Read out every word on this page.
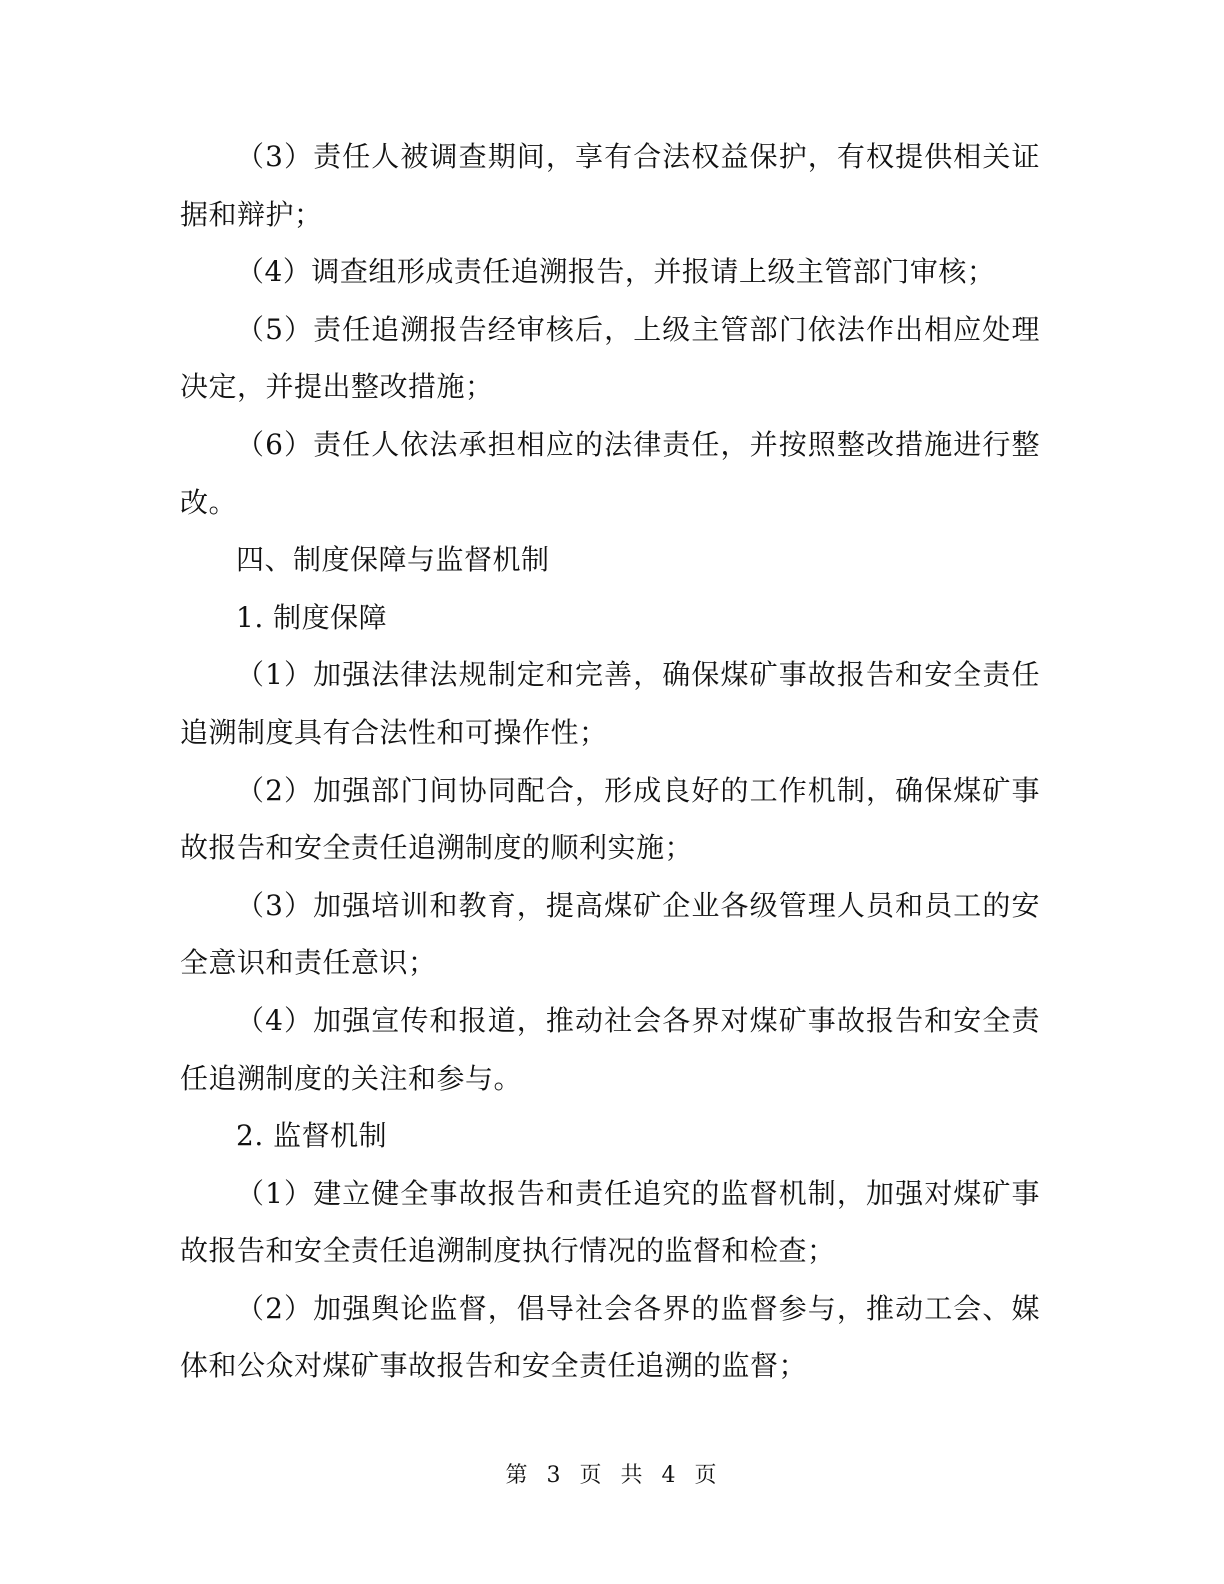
（3）责任人被调查期间，享有合法权益保护，有权提供相关证据和辩护；

（4）调查组形成责任追溯报告，并报请上级主管部门审核；

（5）责任追溯报告经审核后，上级主管部门依法作出相应处理决定，并提出整改措施；

（6）责任人依法承担相应的法律责任，并按照整改措施进行整改。

四、制度保障与监督机制

1. 制度保障

（1）加强法律法规制定和完善，确保煤矿事故报告和安全责任追溯制度具有合法性和可操作性；

（2）加强部门间协同配合，形成良好的工作机制，确保煤矿事故报告和安全责任追溯制度的顺利实施；

（3）加强培训和教育，提高煤矿企业各级管理人员和员工的安全意识和责任意识；

（4）加强宣传和报道，推动社会各界对煤矿事故报告和安全责任追溯制度的关注和参与。

2. 监督机制

（1）建立健全事故报告和责任追究的监督机制，加强对煤矿事故报告和安全责任追溯制度执行情况的监督和检查；

（2）加强舆论监督，倡导社会各界的监督参与，推动工会、媒体和公众对煤矿事故报告和安全责任追溯的监督；

第 3 页 共 4 页
